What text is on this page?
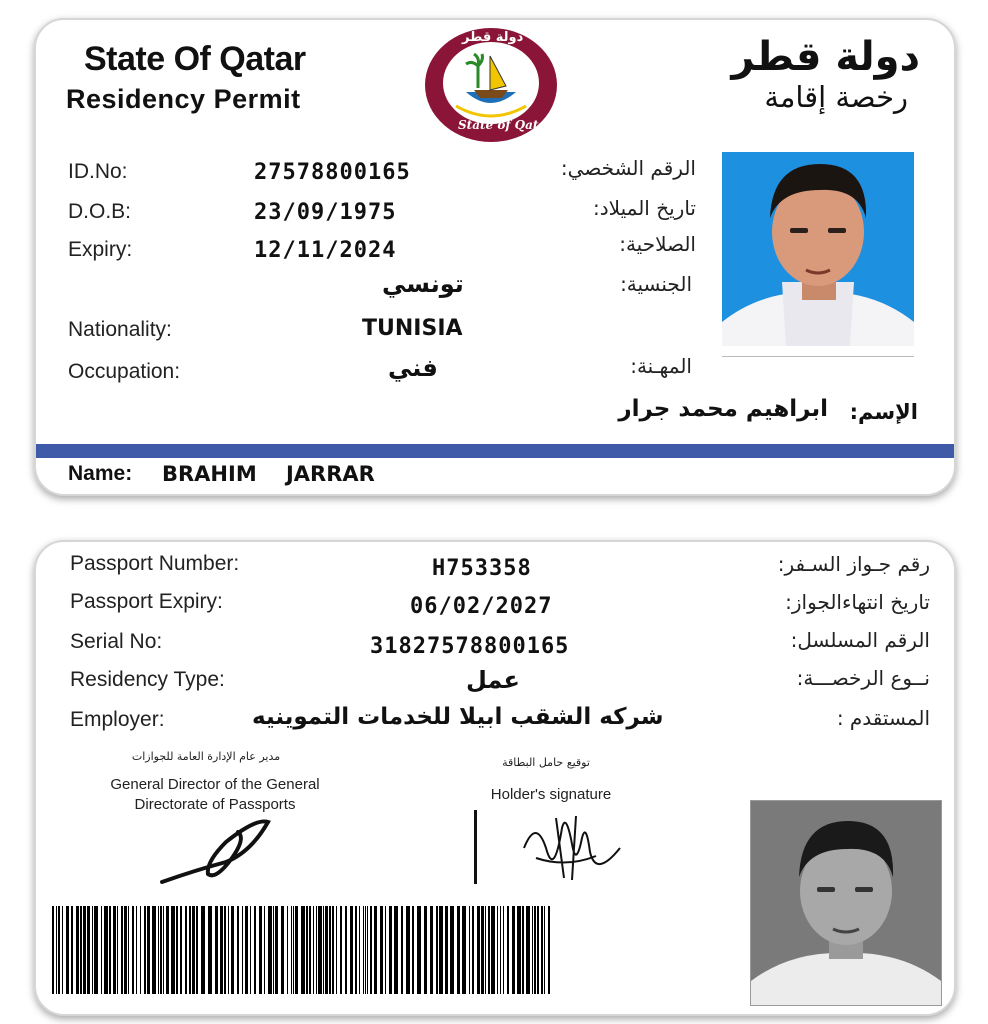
State Of Qatar
Residency Permit
دولة قطر
رخصة إقامة
دولة قطر
State of Qatar
ID.No:
D.O.B:
Expiry:
Nationality:
Occupation:
27578800165
23/09/1975
12/11/2024
تونسي
TUNISIA
فني
الرقم الشخصي:
تاريخ الميلاد:
الصلاحية:
الجنسية:
المهـنة:
الإسم:
ابراهيم محمد جرار
Name: BRAHIM    JARRAR
Passport Number:
Passport Expiry:
Serial No:
Residency Type:
Employer:
H753358
06/02/2027
31827578800165
عمل
شركه الشقب ابيلا للخدمات التموينيه
رقم جـواز السـفر:
تاريخ انتهاءالجواز:
الرقم المسلسل:
نــوع الرخصـــة:
المستقدم :
مدير عام الإدارة العامة للجوازات
General Director of the General
Directorate of Passports
توقيع حامل البطاقة
Holder's signature
